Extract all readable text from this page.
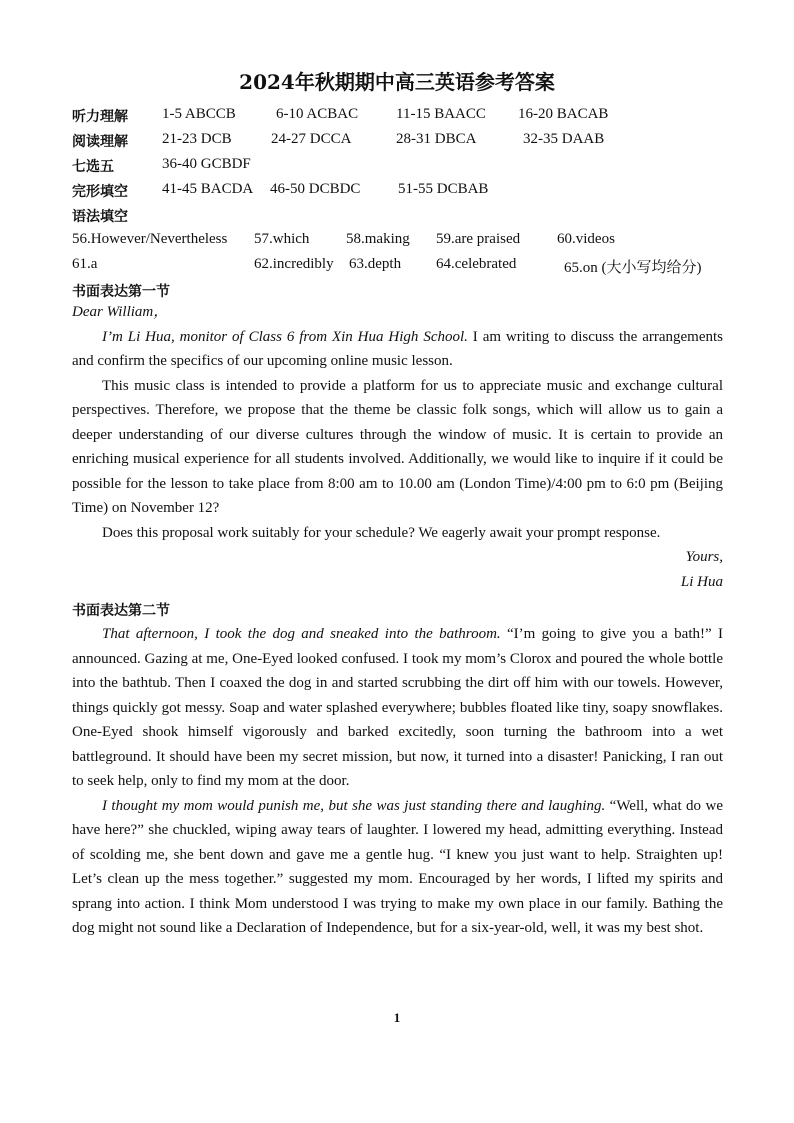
2024年秋期期中高三英语参考答案
听力理解 1-5 ABCCB	6-10 ACBAC	11-15 BAACC 16-20 BACAB
阅读理解 21-23 DCB	24-27 DCCA	28-31 DBCA	32-35 DAAB
七选五	36-40 GCBDF
完形填空 41-45 BACDA 46-50 DCBDC	51-55 DCBAB
语法填空
56.However/Nevertheless 57.which 58.making 59.are praised 60.videos
61.a	62.incredibly 63.depth 64.celebrated	65.on (大小写均给分)
书面表达第一节

Dear William，

I’m Li Hua, monitor of Class 6 from Xin Hua High School. I am writing to discuss the arrangements and confirm the specifics of our upcoming online music lesson.

This music class is intended to provide a platform for us to appreciate music and exchange cultural perspectives. Therefore, we propose that the theme be classic folk songs, which will allow us to gain a deeper understanding of our diverse cultures through the window of music. It is certain to provide an enriching musical experience for all students involved. Additionally, we would like to inquire if it could be possible for the lesson to take place from 8:00 am to 10.00 am (London Time)/4:00 pm to 6:0 pm (Beijing Time) on November 12?

Does this proposal work suitably for your schedule? We eagerly await your prompt response.

Yours,

Li Hua

书面表达第二节

That afternoon, I took the dog and sneaked into the bathroom. “I’m going to give you a bath!” I announced. Gazing at me, One-Eyed looked confused. I took my mom’s Clorox and poured the whole bottle into the bathtub. Then I coaxed the dog in and started scrubbing the dirt off him with our towels. However, things quickly got messy. Soap and water splashed everywhere; bubbles floated like tiny, soapy snowflakes. One-Eyed shook himself vigorously and barked excitedly, soon turning the bathroom into a wet battleground. It should have been my secret mission, but now, it turned into a disaster! Panicking, I ran out to seek help, only to find my mom at the door.

I thought my mom would punish me, but she was just standing there and laughing. “Well, what do we have here?” she chuckled, wiping away tears of laughter. I lowered my head, admitting everything. Instead of scolding me, she bent down and gave me a gentle hug. “I knew you just want to help. Straighten up! Let’s clean up the mess together.” suggested my mom. Encouraged by her words, I lifted my spirits and sprang into action. I think Mom understood I was trying to make my own place in our family. Bathing the dog might not sound like a Declaration of Independence, but for a six-year-old, well, it was my best shot.

1
